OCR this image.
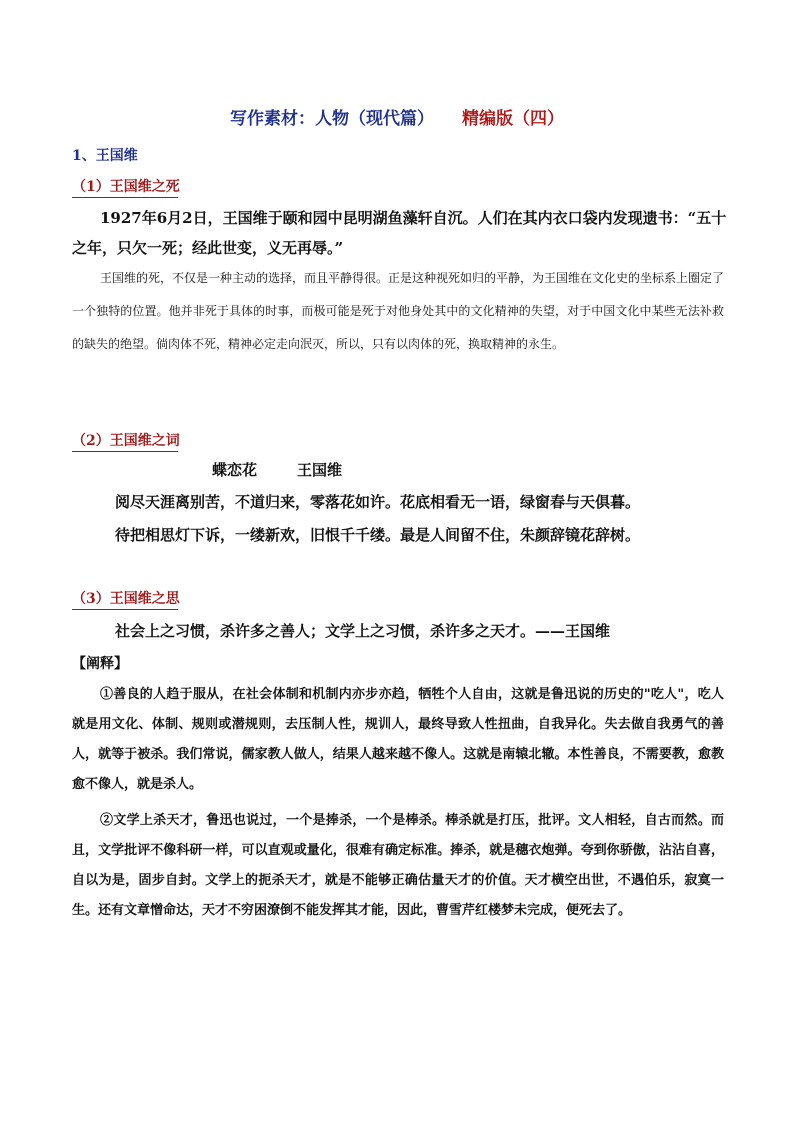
写作素材：人物（现代篇） 精编版（四）
1、王国维
（1）王国维之死
1927年6月2日，王国维于颐和园中昆明湖鱼藻轩自沉。人们在其内衣口袋内发现遗书：“五十之年，只欠一死；经此世变，义无再辱。”
王国维的死，不仅是一种主动的选择，而且平静得很。正是这种视死如归的平静，为王国维在文化史的坐标系上圈定了一个独特的位置。他并非死于具体的时事，而极可能是死于对他身处其中的文化精神的失望，对于中国文化中某些无法补救的缺失的绝望。倘肉体不死，精神必定走向泯灭，所以，只有以肉体的死，换取精神的永生。
（2）王国维之词
蝶恋花	王国维
阅尽天涯离别苦，不道归来，零落花如许。花底相看无一语，绿窗春与天俱暮。
待把相思灯下诉，一缕新欢，旧恨千千缕。最是人间留不住，朱颜辞镜花辞树。
（3）王国维之思
社会上之习惯，杀许多之善人；文学上之习惯，杀许多之天才。——王国维
【阐释】
①善良的人趋于服从，在社会体制和机制内亦步亦趋，牺牲个人自由，这就是鲁迅说的历史的"吃人"，吃人就是用文化、体制、规则或潜规则，去压制人性，规训人，最终导致人性扭曲，自我异化。失去做自我勇气的善人，就等于被杀。我们常说，儒家教人做人，结果人越来越不像人。这就是南辕北辙。本性善良，不需要教，愈教愈不像人，就是杀人。
②文学上杀天才，鲁迅也说过，一个是捧杀，一个是棒杀。棒杀就是打压，批评。文人相轻，自古而然。而且，文学批评不像科研一样，可以直观或量化，很难有确定标准。捧杀，就是穗衣炮弹。夸到你骄傲，沾沾自喜，自以为是，固步自封。文学上的扼杀天才，就是不能够正确估量天才的价值。天才横空出世，不遇伯乐，寂寞一生。还有文章憎命达，天才不穷困潦倒不能发挥其才能，因此，曹雪芹红楼梦未完成，便死去了。
